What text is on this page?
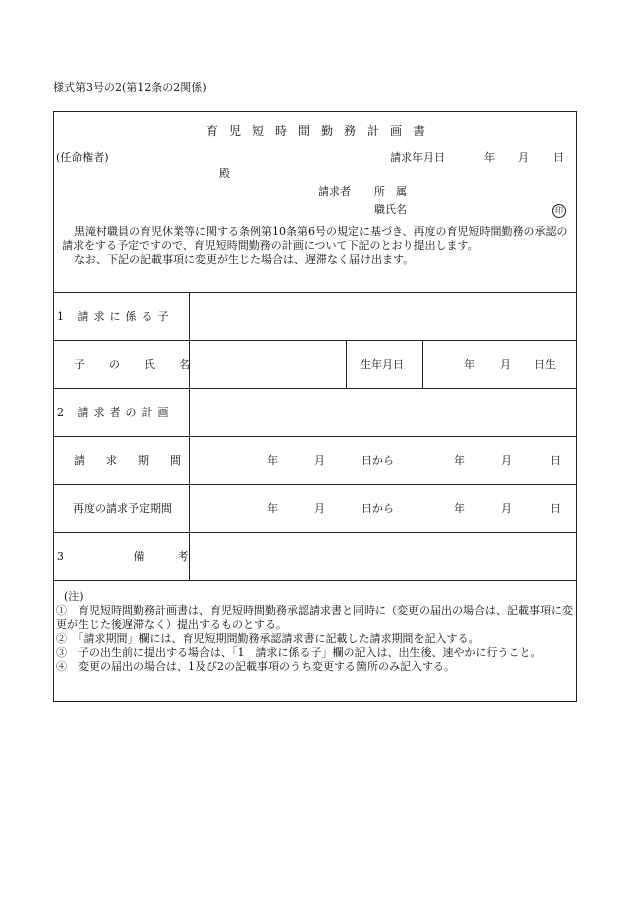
様式第3号の2(第12条の2関係)
育児短時間勤務計画書
(任命権者)	請求年月日	年 月 日
殿
請求者 所　属
職氏名	印
黒滝村職員の育児休業等に関する条例第10条第6号の規定に基づき、再度の育児短時間勤務の承認の請求をする予定ですので、育児短時間勤務の計画について下記のとおり提出します。
なお、下記の記載事項に変更が生じた場合は、遅滞なく届け出ます。
1 請求に係る子
子の氏名	生年月日	年 月 日生
2 請求者の計画
請求期間	年	月	日から	年	月	日
再度の請求予定期間	年	月	日から	年	月	日
3 備考
(注)
①　育児短時間勤務計画書は、育児短時間勤務承認請求書と同時に（変更の届出の場合は、記載事項に変更が生じた後遅滞なく）提出するものとする。
②　「請求期間」欄には、育児短期間勤務承認請求書に記載した請求期間を記入する。
③　子の出生前に提出する場合は、「1　請求に係る子」欄の記入は、出生後、速やかに行うこと。
④　変更の届出の場合は、1及び2の記載事項のうち変更する箇所のみ記入する。
